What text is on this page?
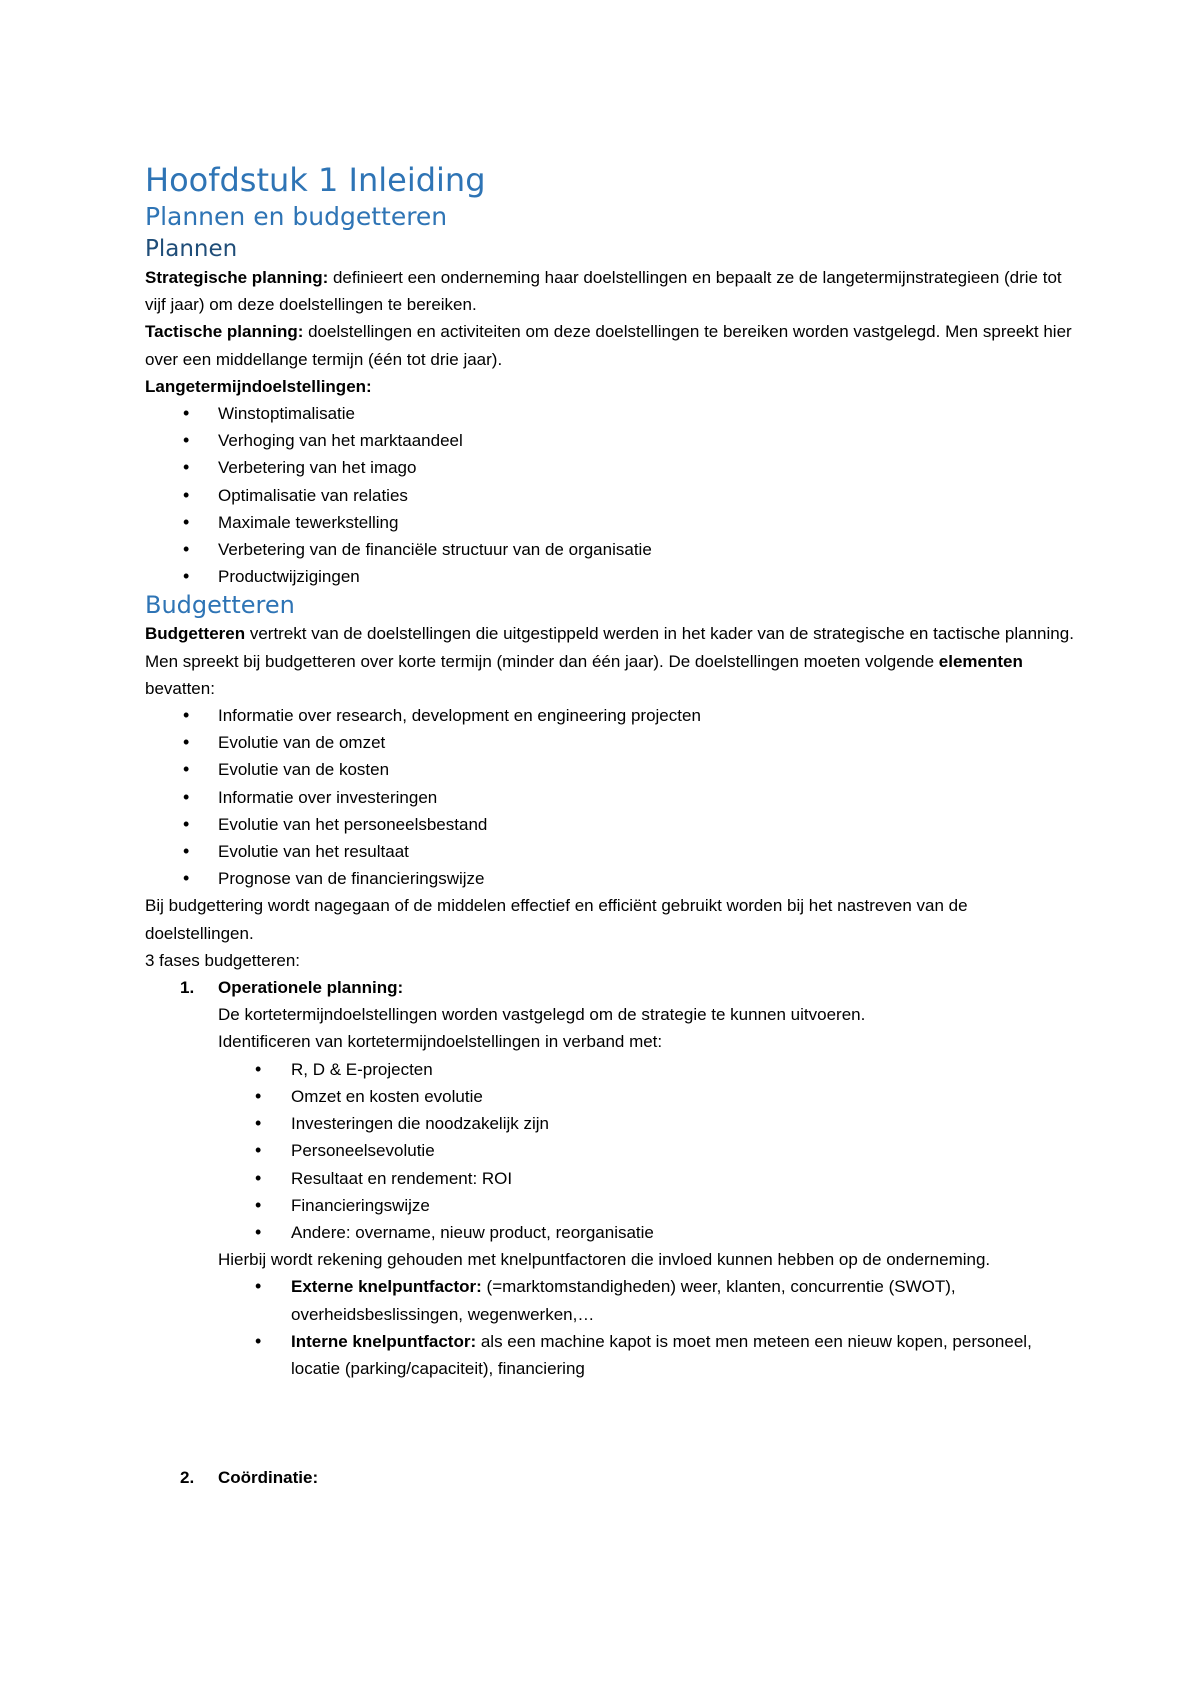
Hoofdstuk 1 Inleiding
Plannen en budgetteren
Plannen

Strategische planning: definieert een onderneming haar doelstellingen en bepaalt ze de langetermijnstrategieen (drie tot vijf jaar) om deze doelstellingen te bereiken.

Tactische planning: doelstellingen en activiteiten om deze doelstellingen te bereiken worden vastgelegd. Men spreekt hier over een middellange termijn (één tot drie jaar).

Langetermijndoelstellingen:

• Winstoptimalisatie
• Verhoging van het marktaandeel
• Verbetering van het imago
• Optimalisatie van relaties
• Maximale tewerkstelling
• Verbetering van de financiële structuur van de organisatie
• Productwijzigingen
Budgetteren

Budgetteren vertrekt van de doelstellingen die uitgestippeld werden in het kader van de strategische en tactische planning. Men spreekt bij budgetteren over korte termijn (minder dan één jaar). De doelstellingen moeten volgende elementen bevatten:

• Informatie over research, development en engineering projecten
• Evolutie van de omzet
• Evolutie van de kosten
• Informatie over investeringen
• Evolutie van het personeelsbestand
• Evolutie van het resultaat
• Prognose van de financieringswijze

Bij budgettering wordt nagegaan of de middelen effectief en efficiënt gebruikt worden bij het nastreven van de doelstellingen.

3 fases budgetteren:

1. Operationele planning:
De kortetermijndoelstellingen worden vastgelegd om de strategie te kunnen uitvoeren.
Identificeren van kortetermijndoelstellingen in verband met:
• R, D & E-projecten
• Omzet en kosten evolutie
• Investeringen die noodzakelijk zijn
• Personeelsevolutie
• Resultaat en rendement: ROI
• Financieringswijze
• Andere: overname, nieuw product, reorganisatie
Hierbij wordt rekening gehouden met knelpuntfactoren die invloed kunnen hebben op de onderneming.
• Externe knelpuntfactor: (=marktomstandigheden) weer, klanten, concurrentie (SWOT), overheidsbeslissingen, wegenwerken,…
• Interne knelpuntfactor: als een machine kapot is moet men meteen een nieuw kopen, personeel, locatie (parking/capaciteit), financiering
2. Coördinatie:
